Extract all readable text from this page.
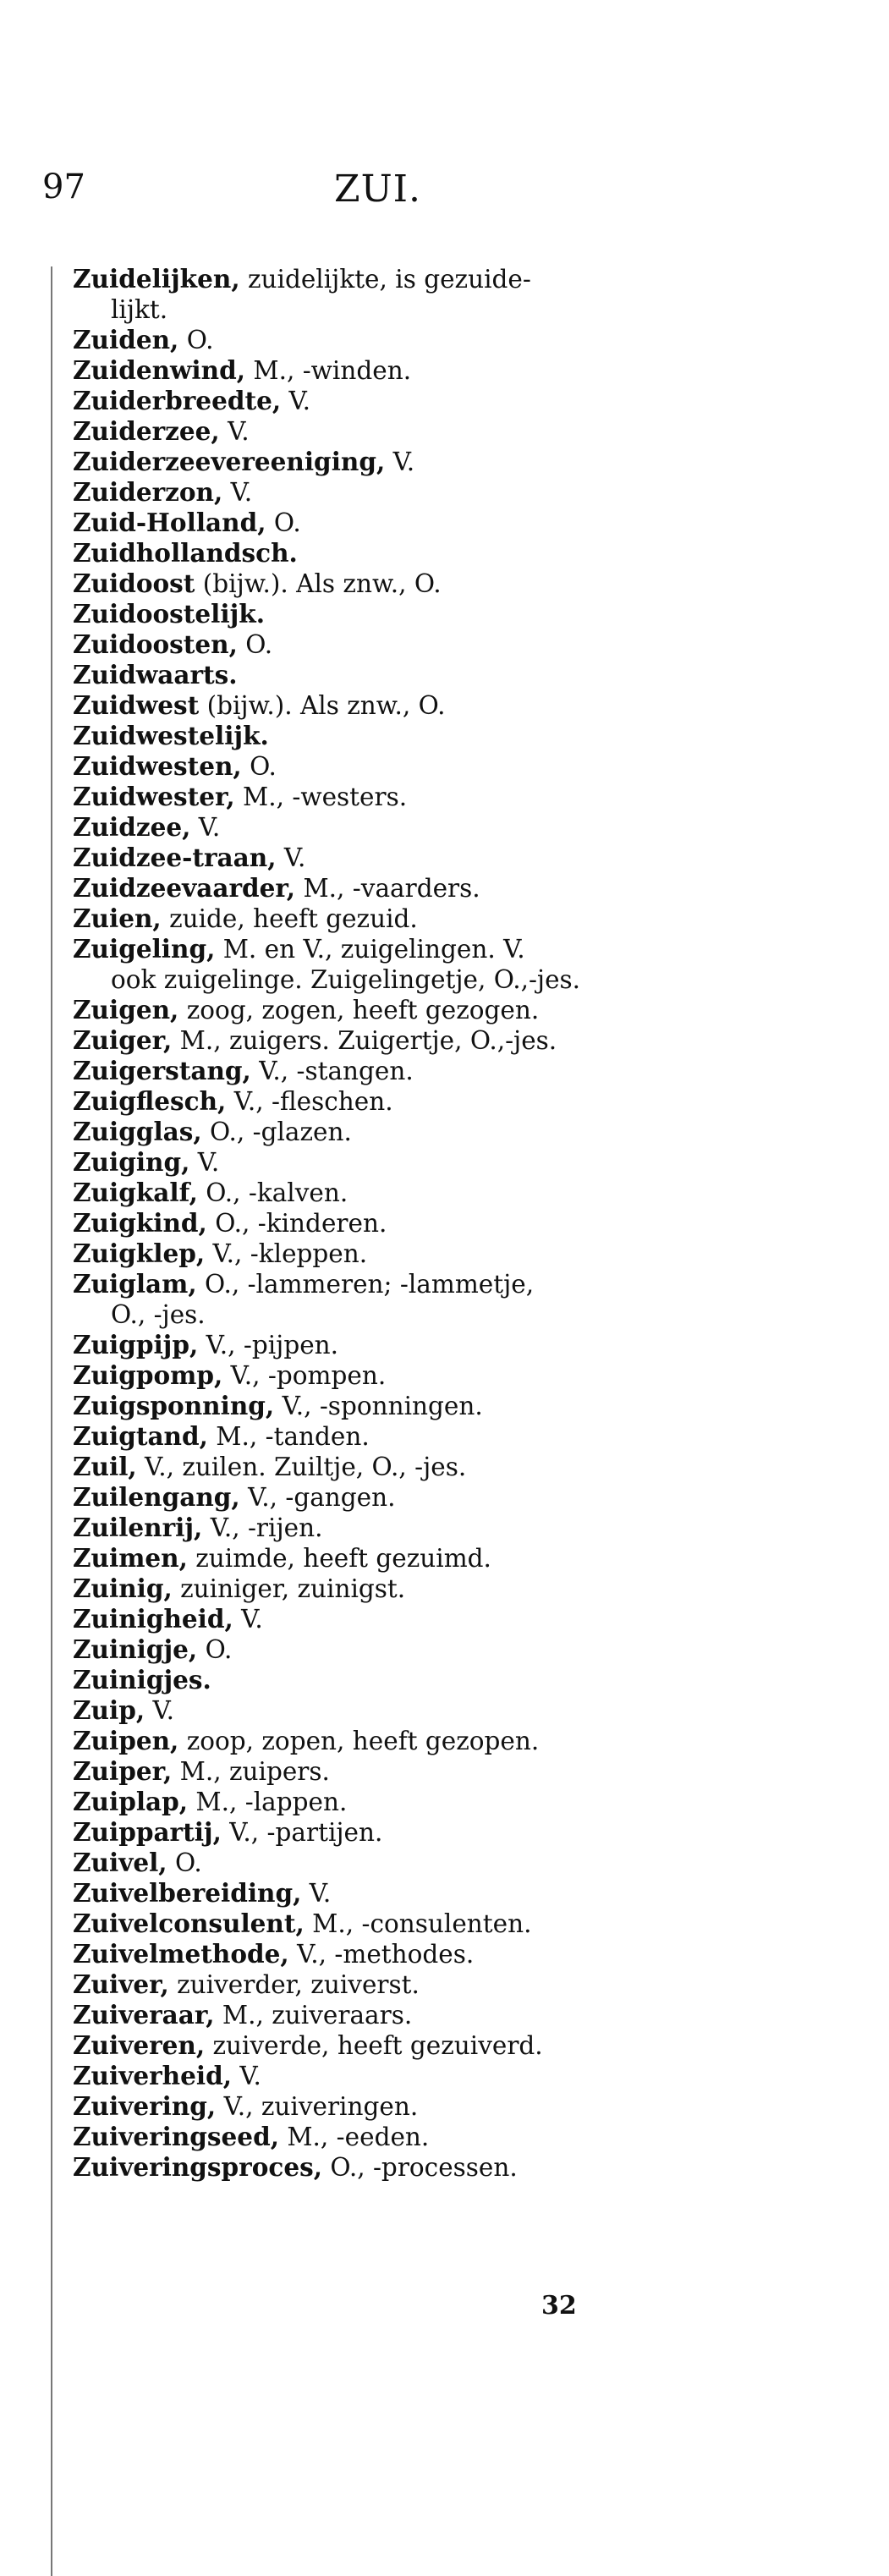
97	ZUI.
Zuidelijken, zuidelijkte, is gezuide-
lijkt.
Zuiden, O.
Zuidenwind, M., -winden.
Zuiderbreedte, V.
Zuiderzee, V.
Zuiderzeevereeniging, V.
Zuiderzon, V.
Zuid-Holland, O.
Zuidhollandsch.
Zuidoost (bijw.). Als znw., O.
Zuidoostelijk.
Zuidoosten, O.
Zuidwaarts.
Zuidwest (bijw.). Als znw., O.
Zuidwestelijk.
Zuidwesten, O.
Zuidwester, M., -westers.
Zuidzee, V.
Zuidzee-traan, V.
Zuidzeevaarder, M., -vaarders.
Zuien, zuide, heeft gezuid.
Zuigeling, M. en V., zuigelingen. V.
ook zuigelinge. Zuigelingetje, O.,-jes.
Zuigen, zoog, zogen, heeft gezogen.
Zuiger, M., zuigers. Zuigertje, O.,-jes.
Zuigerstang, V., -stangen.
Zuigflesch, V., -fleschen.
Zuigglas, O., -glazen.
Zuiging, V.
Zuigkalf, O., -kalven.
Zuigkind, O., -kinderen.
Zuigklep, V., -kleppen.
Zuiglam, O., -lammeren; -lammetje,
O., -jes.
Zuigpijp, V., -pijpen.
Zuigpomp, V., -pompen.
Zuigsponning, V., -sponningen.
Zuigtand, M., -tanden.
Zuil, V., zuilen. Zuiltje, O., -jes.
Zuilengang, V., -gangen.
Zuilenrij, V., -rijen.
Zuimen, zuimde, heeft gezuimd.
Zuinig, zuiniger, zuinigst.
Zuinigheid, V.
Zuinigje, O.
Zuinigjes.
Zuip, V.
Zuipen, zoop, zopen, heeft gezopen.
Zuiper, M., zuipers.
Zuiplap, M., -lappen.
Zuippartij, V., -partijen.
Zuivel, O.
Zuivelbereiding, V.
Zuivelconsulent, M., -consulenten.
Zuivelmethode, V., -methodes.
Zuiver, zuiverder, zuiverst.
Zuiveraar, M., zuiveraars.
Zuiveren, zuiverde, heeft gezuiverd.
Zuiverheid, V.
Zuivering, V., zuiveringen.
Zuiveringseed, M., -eeden.
Zuiveringsproces, O., -processen.
32
